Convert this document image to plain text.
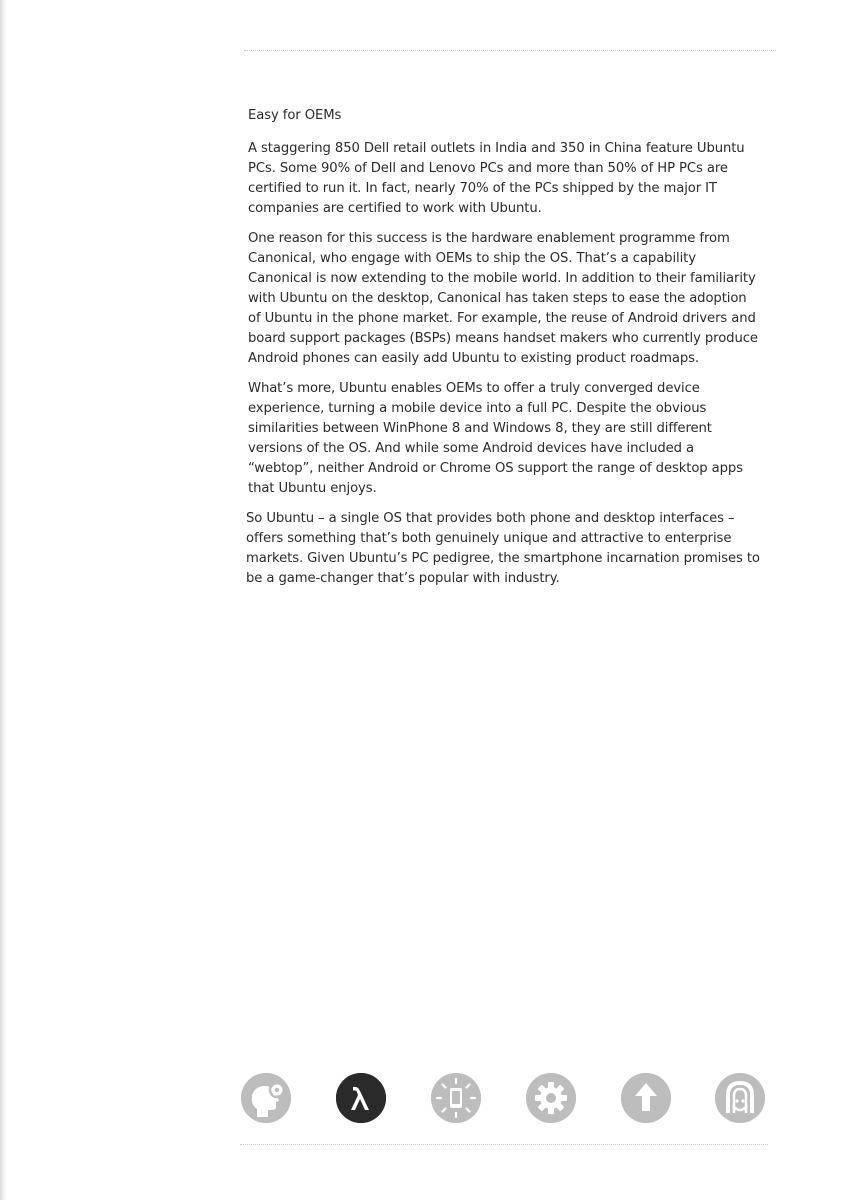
Easy for OEMs

A staggering 850 Dell retail outlets in India and 350 in China feature Ubuntu PCs. Some 90% of Dell and Lenovo PCs and more than 50% of HP PCs are certified to run it. In fact, nearly 70% of the PCs shipped by the major IT companies are certified to work with Ubuntu.

One reason for this success is the hardware enablement programme from Canonical, who engage with OEMs to ship the OS. That’s a capability Canonical is now extending to the mobile world. In addition to their familiarity with Ubuntu on the desktop, Canonical has taken steps to ease the adoption of Ubuntu in the phone market. For example, the reuse of Android drivers and board support packages (BSPs) means handset makers who currently produce Android phones can easily add Ubuntu to existing product roadmaps.

What’s more, Ubuntu enables OEMs to offer a truly converged device experience, turning a mobile device into a full PC. Despite the obvious similarities between WinPhone 8 and Windows 8, they are still different versions of the OS. And while some Android devices have included a “webtop”, neither Android or Chrome OS support the range of desktop apps that Ubuntu enjoys.

So Ubuntu – a single OS that provides both phone and desktop interfaces – offers something that’s both genuinely unique and attractive to enterprise markets. Given Ubuntu’s PC pedigree, the smartphone incarnation promises to be a game-changer that’s popular with industry.
